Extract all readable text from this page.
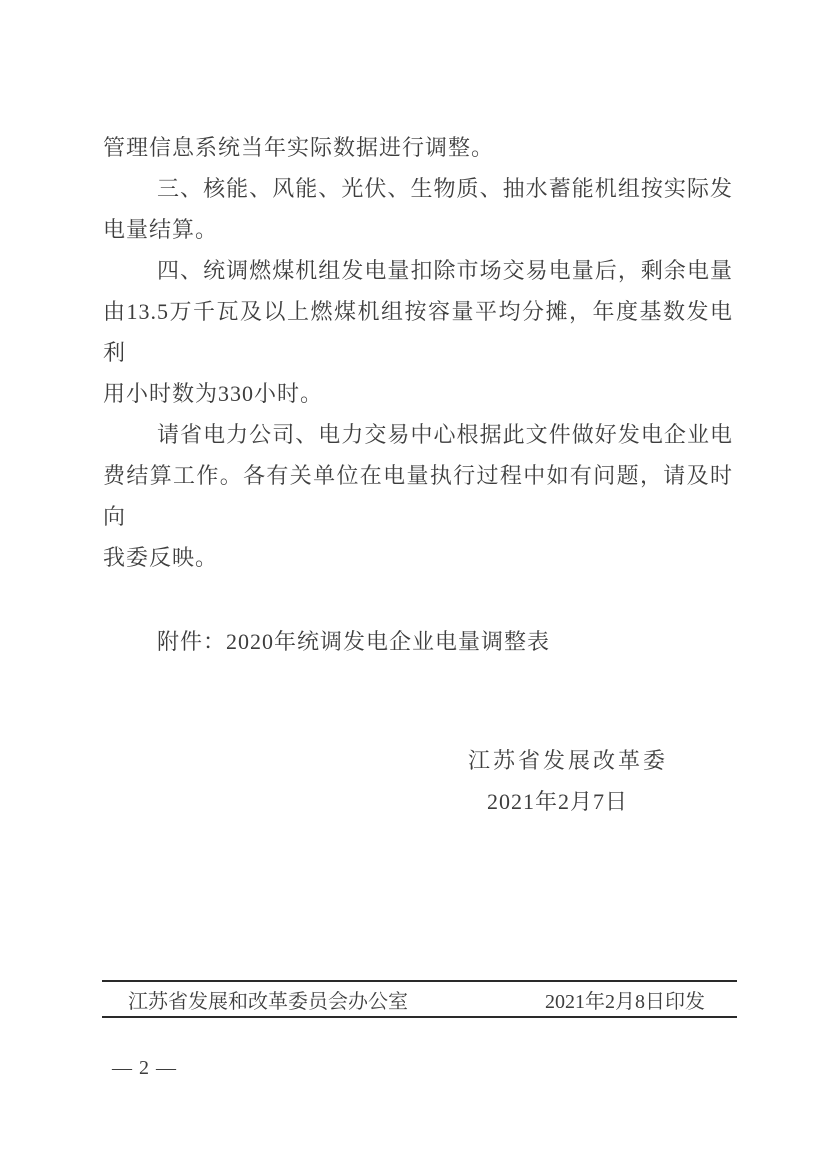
管理信息系统当年实际数据进行调整。
三、核能、风能、光伏、生物质、抽水蓄能机组按实际发
电量结算。
四、统调燃煤机组发电量扣除市场交易电量后，剩余电量
由13.5万千瓦及以上燃煤机组按容量平均分摊，年度基数发电利
用小时数为330小时。
请省电力公司、电力交易中心根据此文件做好发电企业电
费结算工作。各有关单位在电量执行过程中如有问题，请及时向
我委反映。
附件：2020年统调发电企业电量调整表
江苏省发展改革委
2021年2月7日
江苏省发展和改革委员会办公室	2021年2月8日印发
— 2 —
